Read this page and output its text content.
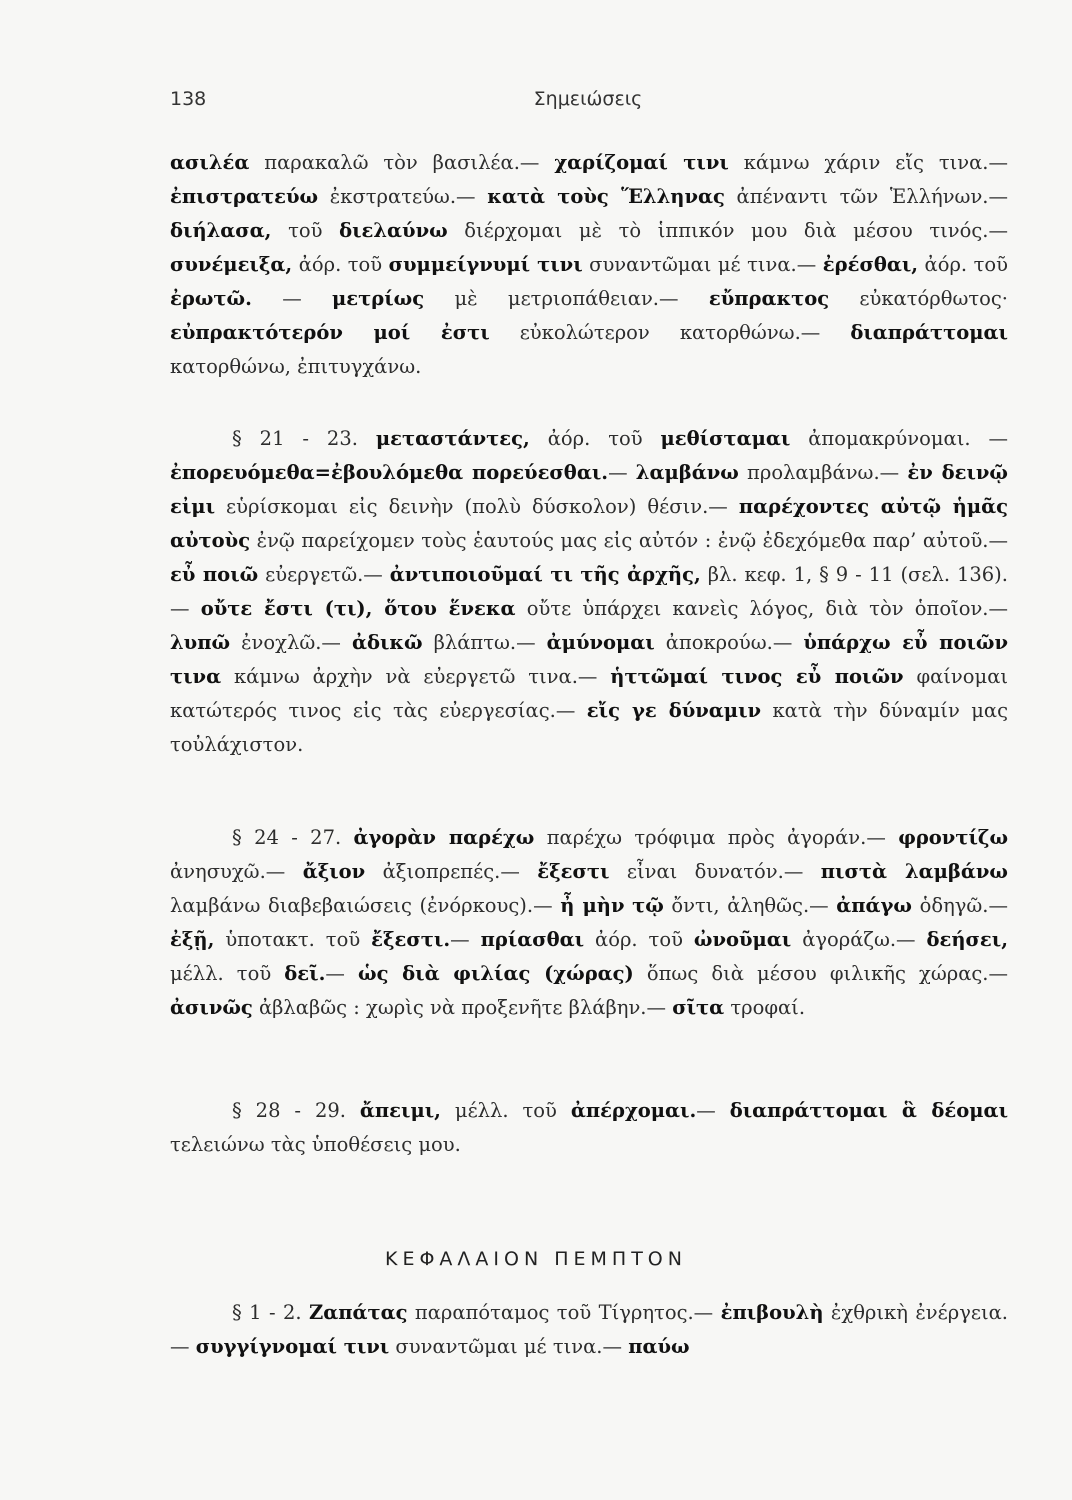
138	Σημειώσεις

ασιλέα παρακαλῶ τὸν βασιλέα.— χαρίζομαί τινι κάμνω χάριν εἴς τινα.— ἐπιστρατεύω ἐκστρατεύω.— κατὰ τοὺς Ἕλληνας ἀπέναντι τῶν Ἑλλήνων.— διήλασα, τοῦ διελαύνω διέρχομαι μὲ τὸ ἱππικόν μου διὰ μέσου τινός.— συνέμειξα, ἀόρ. τοῦ συμμείγνυμί τινι συναντῶμαι μέ τινα.— ἐρέσθαι, ἀόρ. τοῦ ἐρωτῶ. — μετρίως μὲ μετριοπάθειαν.— εὔπρακτος εὐκατόρθωτος· εὐπρακτότερόν μοί ἐστι εὐκολώτερον κατορθώνω.— διαπράττομαι κατορθώνω, ἐπιτυγχάνω.

§ 21 - 23. μεταστάντες, ἀόρ. τοῦ μεθίσταμαι ἀπομακρύνομαι. — ἐπορευόμεθα=ἐβουλόμεθα πορεύεσθαι.— λαμβάνω προλαμβάνω.— ἐν δεινῷ εἰμι εὑρίσκομαι εἰς δεινὴν (πολὺ δύσκολον) θέσιν.— παρέχοντες αὐτῷ ἡμᾶς αὐτοὺς ἐνῷ παρείχομεν τοὺς ἑαυτούς μας εἰς αὐτόν : ἐνῷ ἐδεχόμεθα παρ’ αὐτοῦ.— εὖ ποιῶ εὐεργετῶ.— ἀντιποιοῦμαί τι τῆς ἀρχῆς, βλ. κεφ. 1, § 9 - 11 (σελ. 136).— οὔτε ἔστι (τι), ὅτου ἕνεκα οὔτε ὑπάρχει κανεὶς λόγος, διὰ τὸν ὁποῖον.— λυπῶ ἐνοχλῶ.— ἀδικῶ βλάπτω.— ἀμύνομαι ἀποκρούω.— ὑπάρχω εὖ ποιῶν τινα κάμνω ἀρχὴν νὰ εὐεργετῶ τινα.— ἡττῶμαί τινος εὖ ποιῶν φαίνομαι κατώτερός τινος εἰς τὰς εὐεργεσίας.— εἴς γε δύναμιν κατὰ τὴν δύναμίν μας τοὐλάχιστον.

§ 24 - 27. ἀγορὰν παρέχω παρέχω τρόφιμα πρὸς ἀγοράν.— φροντίζω ἀνησυχῶ.— ἄξιον ἀξιοπρεπές.— ἔξεστι εἶναι δυνατόν.— πιστὰ λαμβάνω λαμβάνω διαβεβαιώσεις (ἐνόρκους).— ἦ μὴν τῷ ὄντι, ἀληθῶς.— ἀπάγω ὁδηγῶ.— ἐξῇ, ὑποτακτ. τοῦ ἔξεστι.— πρίασθαι ἀόρ. τοῦ ὠνοῦμαι ἀγοράζω.— δεήσει, μέλλ. τοῦ δεῖ.— ὡς διὰ φιλίας (χώρας) ὅπως διὰ μέσου φιλικῆς χώρας.— ἀσινῶς ἀβλαβῶς : χωρὶς νὰ προξενῆτε βλάβην.— σῖτα τροφαί.

§ 28 - 29. ἄπειμι, μέλλ. τοῦ ἀπέρχομαι.— διαπράττομαι ἃ δέομαι τελειώνω τὰς ὑποθέσεις μου.

ΚΕΦΑΛΑΙΟΝ ΠΕΜΠΤΟΝ

§ 1 - 2. Ζαπάτας παραπόταμος τοῦ Τίγρητος.— ἐπιβουλὴ ἐχθρικὴ ἐνέργεια.— συγγίγνομαί τινι συναντῶμαι μέ τινα.— παύω
